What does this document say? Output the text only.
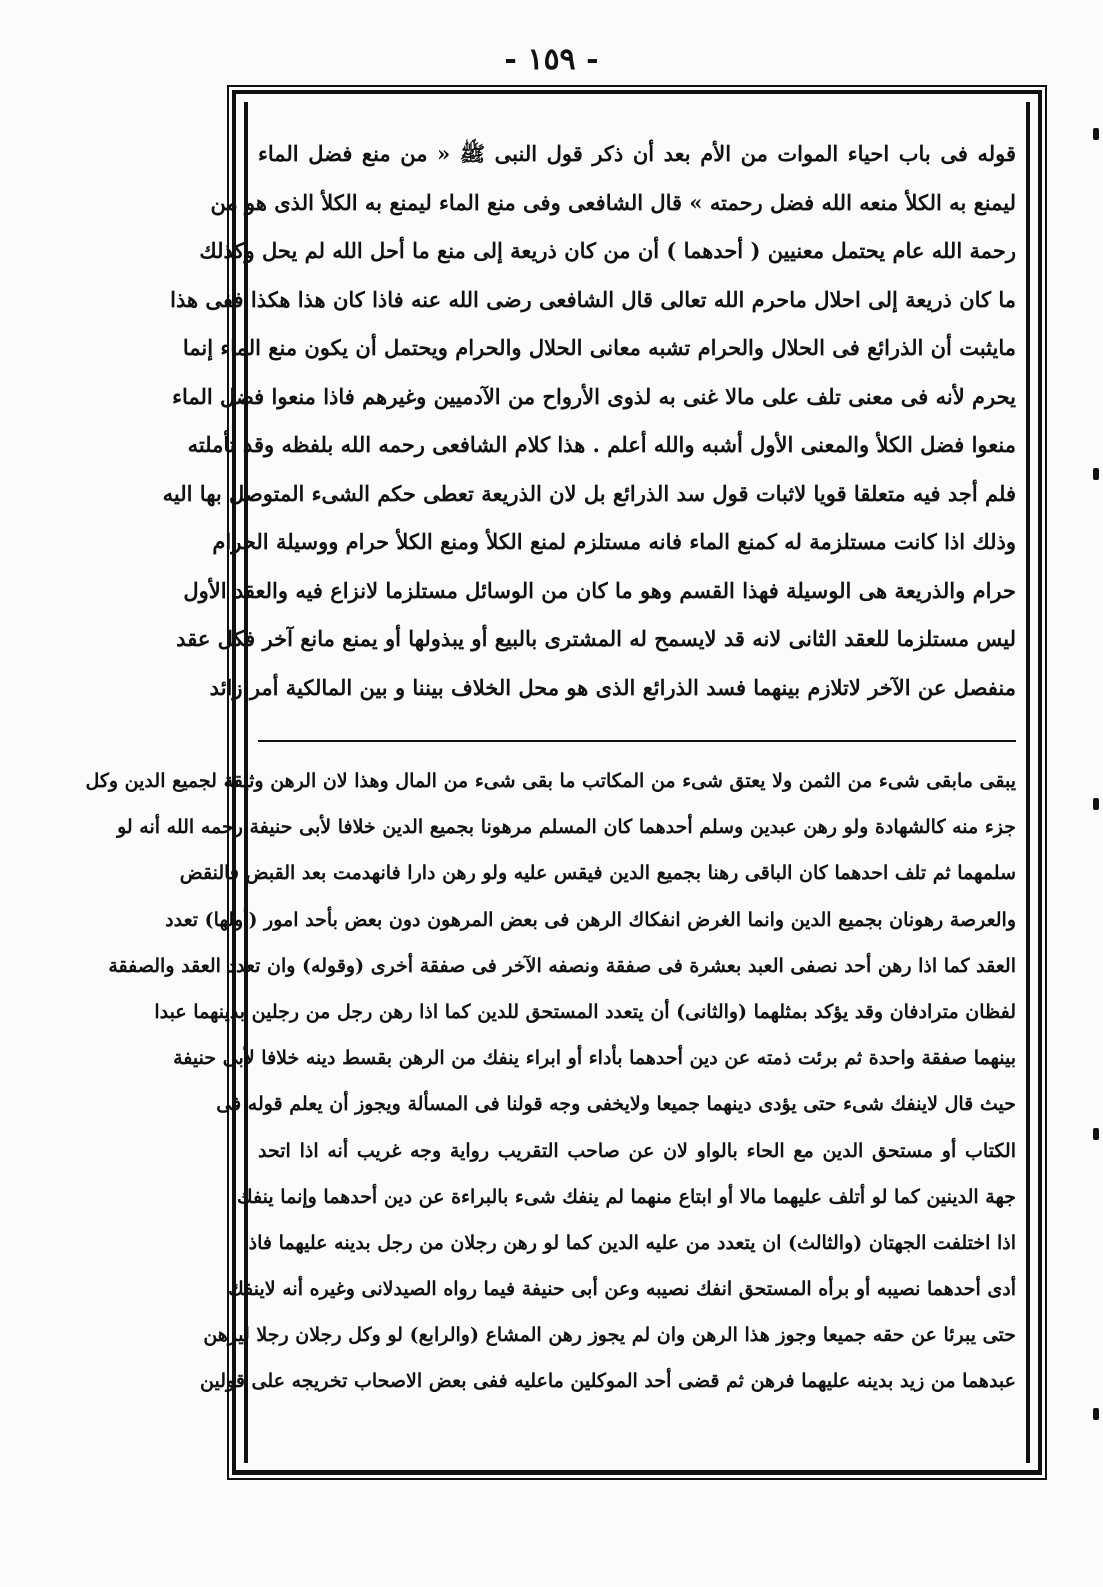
- ١٥٩ -
قوله فى باب احياء الموات من الأم بعد أن ذكر قول النبى ﷺ « من منع فضل الماء
ليمنع به الكلأ منعه الله فضل رحمته » قال الشافعى وفى منع الماء ليمنع به الكلأ الذى هو من
رحمة الله عام يحتمل معنيين ( أحدهما ) أن من كان ذريعة إلى منع ما أحل الله لم يحل وكذلك
ما كان ذريعة إلى احلال ماحرم الله تعالى قال الشافعى رضى الله عنه فاذا كان هذا هكذا ففى هذا
مايثبت أن الذرائع فى الحلال والحرام تشبه معانى الحلال والحرام ويحتمل أن يكون منع الماء إنما
يحرم لأنه فى معنى تلف على مالا غنى به لذوى الأرواح من الآدميين وغيرهم فاذا منعوا فضل الماء
منعوا فضل الكلأ والمعنى الأول أشبه والله أعلم . هذا كلام الشافعى رحمه الله بلفظه وقد تأملته
فلم أجد فيه متعلقا قويا لاثبات قول سد الذرائع بل لان الذريعة تعطى حكم الشىء المتوصل بها اليه
وذلك اذا كانت مستلزمة له كمنع الماء فانه مستلزم لمنع الكلأ ومنع الكلأ حرام ووسيلة الحرام
حرام والذريعة هى الوسيلة فهذا القسم وهو ما كان من الوسائل مستلزما لانزاع فيه والعقد الأول
ليس مستلزما للعقد الثانى لانه قد لايسمح له المشترى بالبيع أو يبذولها أو يمنع مانع آخر فكل عقد
منفصل عن الآخر لاتلازم بينهما فسد الذرائع الذى هو محل الخلاف بيننا و بين المالكية أمر زائد
يبقى مابقى شىء من الثمن ولا يعتق شىء من المكاتب ما بقى شىء من المال وهذا لان الرهن وثيقة لجميع الدين وكل
جزء منه كالشهادة ولو رهن عبدين وسلم أحدهما كان المسلم مرهونا بجميع الدين خلافا لأبى حنيفة رحمه الله أنه لو
سلمهما ثم تلف احدهما كان الباقى رهنا بجميع الدين فيقس عليه ولو رهن دارا فانهدمت بعد القبض فالنقض
والعرصة رهونان بجميع الدين وانما الغرض انفكاك الرهن فى بعض المرهون دون بعض بأحد امور (أولها) تعدد
العقد كما اذا رهن أحد نصفى العبد بعشرة فى صفقة ونصفه الآخر فى صفقة أخرى (وقوله) وان تعدد العقد والصفقة
لفظان مترادفان وقد يؤكد بمثلهما (والثانى) أن يتعدد المستحق للدين كما اذا رهن رجل من رجلين بدينهما عبدا
بينهما صفقة واحدة ثم برئت ذمته عن دين أحدهما بأداء أو ابراء ينفك من الرهن بقسط دينه خلافا لأبى حنيفة
حيث قال لاينفك شىء حتى يؤدى دينهما جميعا ولايخفى وجه قولنا فى المسألة ويجوز أن يعلم قوله فى
الكتاب أو مستحق الدين مع الحاء بالواو لان عن صاحب التقريب رواية وجه غريب أنه اذا اتحد
جهة الدينين كما لو أتلف عليهما مالا أو ابتاع منهما لم ينفك شىء بالبراءة عن دين أحدهما وإنما ينفك
اذا اختلفت الجهتان (والثالث) ان يتعدد من عليه الدين كما لو رهن رجلان من رجل بدينه عليهما فاذا
أدى أحدهما نصيبه أو برأه المستحق انفك نصيبه وعن أبى حنيفة فيما رواه الصيدلانى وغيره أنه لاينفك
حتى يبرئا عن حقه جميعا وجوز هذا الرهن وان لم يجوز رهن المشاع (والرابع) لو وكل رجلان رجلا ليرهن
عبدهما من زيد بدينه عليهما فرهن ثم قضى أحد الموكلين ماعليه ففى بعض الاصحاب تخريجه على قولين
